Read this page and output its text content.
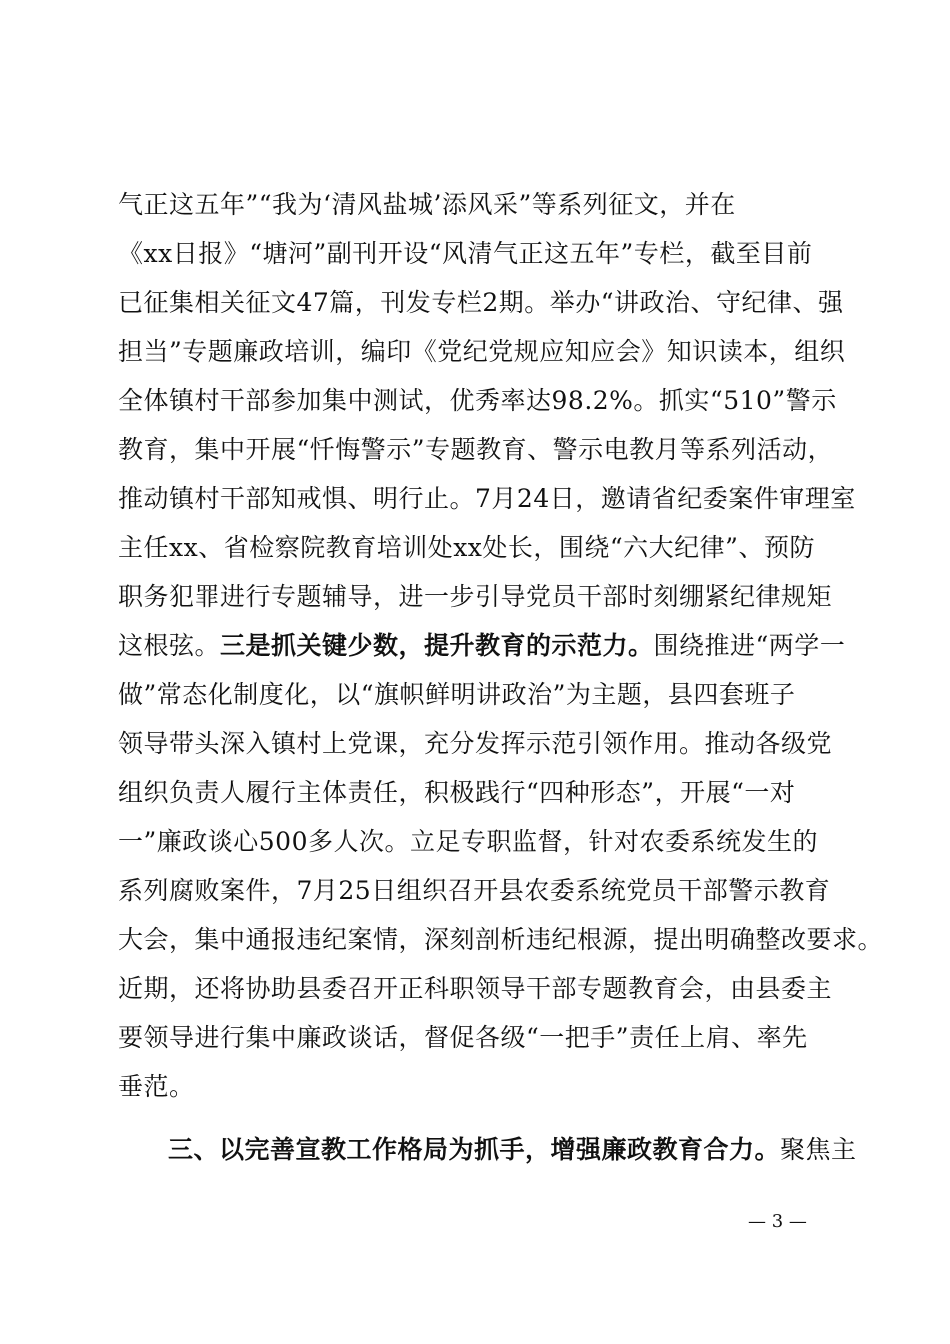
气正这五年”“我为‘清风盐城’添风采”等系列征文，并在
《xx日报》“塘河”副刊开设“风清气正这五年”专栏，截至目前
已征集相关征文47篇，刊发专栏2期。举办“讲政治、守纪律、强
担当”专题廉政培训，编印《党纪党规应知应会》知识读本，组织
全体镇村干部参加集中测试，优秀率达98.2%。抓实“510”警示
教育，集中开展“忏悔警示”专题教育、警示电教月等系列活动，
推动镇村干部知戒惧、明行止。7月24日，邀请省纪委案件审理室
主任xx、省检察院教育培训处xx处长，围绕“六大纪律”、预防
职务犯罪进行专题辅导，进一步引导党员干部时刻绷紧纪律规矩
这根弦。三是抓关键少数，提升教育的示范力。围绕推进“两学一
做”常态化制度化，以“旗帜鲜明讲政治”为主题，县四套班子
领导带头深入镇村上党课，充分发挥示范引领作用。推动各级党
组织负责人履行主体责任，积极践行“四种形态”，开展“一对
一”廉政谈心500多人次。立足专职监督，针对农委系统发生的
系列腐败案件，7月25日组织召开县农委系统党员干部警示教育
大会，集中通报违纪案情，深刻剖析违纪根源，提出明确整改要求。
近期，还将协助县委召开正科职领导干部专题教育会，由县委主
要领导进行集中廉政谈话，督促各级“一把手”责任上肩、率先
垂范。
三、以完善宣教工作格局为抓手，增强廉政教育合力。聚焦主
— 3 —
